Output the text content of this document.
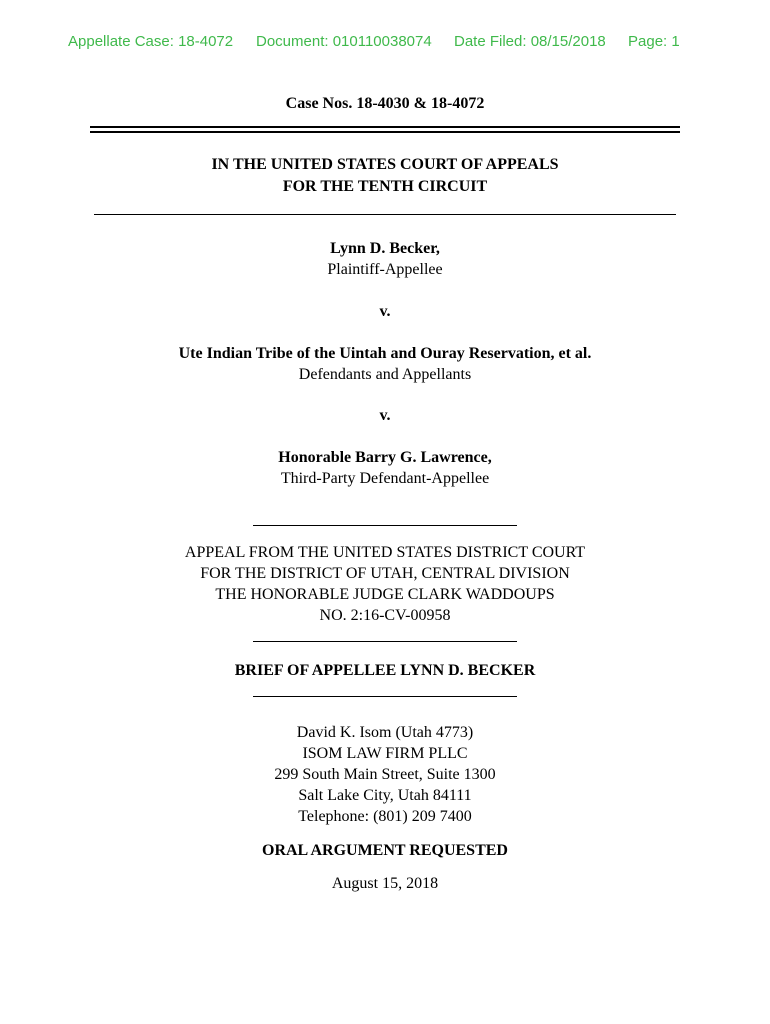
Appellate Case: 18-4072 Document: 010110038074 Date Filed: 08/15/2018 Page: 1
Case Nos. 18-4030 & 18-4072
IN THE UNITED STATES COURT OF APPEALS
FOR THE TENTH CIRCUIT
Lynn D. Becker,
Plaintiff-Appellee
v.
Ute Indian Tribe of the Uintah and Ouray Reservation, et al.
Defendants and Appellants
v.
Honorable Barry G. Lawrence,
Third-Party Defendant-Appellee
APPEAL FROM THE UNITED STATES DISTRICT COURT
FOR THE DISTRICT OF UTAH, CENTRAL DIVISION
THE HONORABLE JUDGE CLARK WADDOUPS
NO. 2:16-CV-00958
BRIEF OF APPELLEE LYNN D. BECKER
David K. Isom (Utah 4773)
ISOM LAW FIRM PLLC
299 South Main Street, Suite 1300
Salt Lake City, Utah 84111
Telephone: (801) 209 7400
ORAL ARGUMENT REQUESTED
August 15, 2018
